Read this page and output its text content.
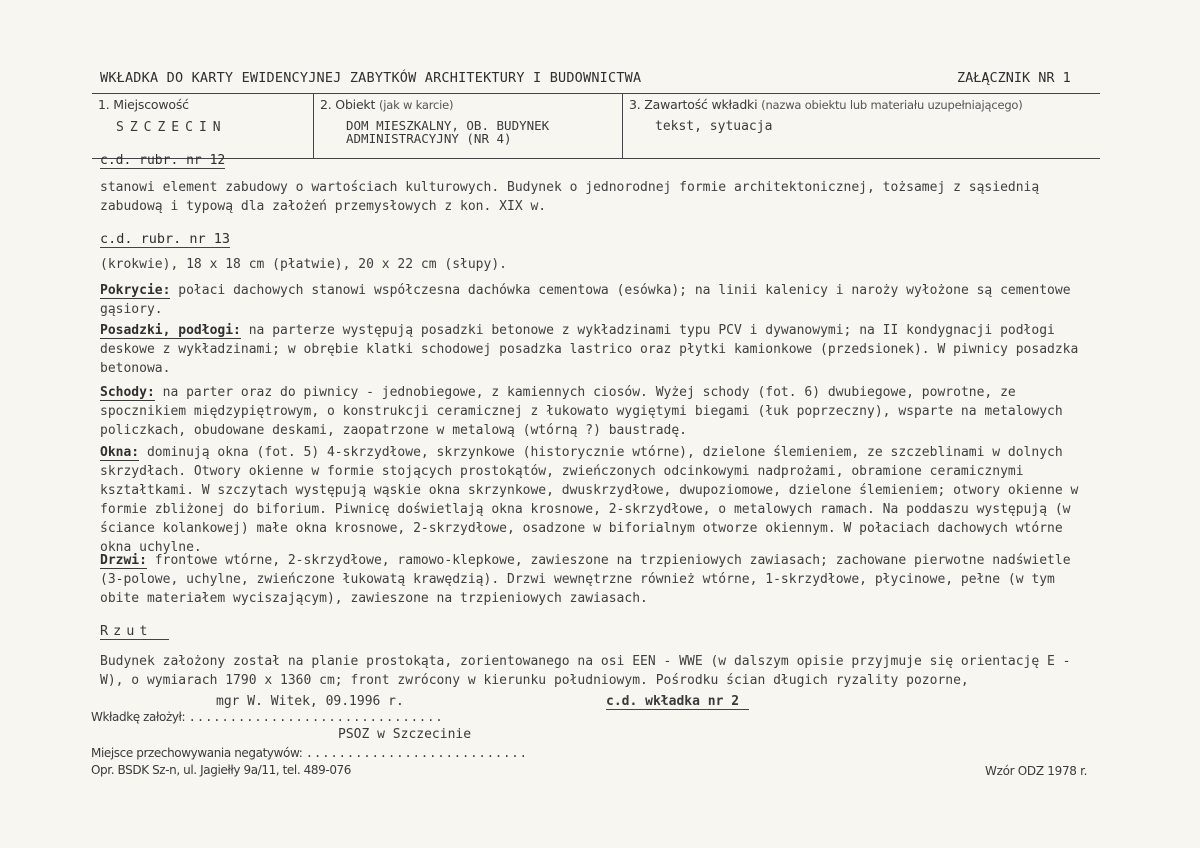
WKŁADKA DO KARTY EWIDENCYJNEJ ZABYTKÓW ARCHITEKTURY I BUDOWNICTWA	ZAŁĄCZNIK NR 1
1. Miejscowość
SZCZECIN
2. Obiekt (jak w karcie)
DOM MIESZKALNY, OB. BUDYNEK ADMINISTRACYJNY (NR 4)
3. Zawartość wkładki (nazwa obiektu lub materiału uzupełniającego)
tekst, sytuacja
c.d. rubr. nr 12
stanowi element zabudowy o wartościach kulturowych. Budynek o jednorodnej formie architektonicznej, tożsamej z sąsiednią zabudową i typową dla założeń przemysłowych z kon. XIX w.
c.d. rubr. nr 13
(krokwie), 18 x 18 cm (płatwie), 20 x 22 cm (słupy).
Pokrycie: połaci dachowych stanowi współczesna dachówka cementowa (esówka); na linii kalenicy i naroży wyłożone są cementowe gąsiory.
Posadzki, podłogi: na parterze występują posadzki betonowe z wykładzinami typu PCV i dywanowymi; na II kondygnacji podłogi deskowe z wykładzinami; w obrębie klatki schodowej posadzka lastrico oraz płytki kamionkowe (przedsionek). W piwnicy posadzka betonowa.
Schody: na parter oraz do piwnicy - jednobiegowe, z kamiennych ciosów. Wyżej schody (fot. 6) dwubiegowe, powrotne, ze spocznikiem międzypiętrowym, o konstrukcji ceramicznej z łukowato wygiętymi biegami (łuk poprzeczny), wsparte na metalowych policzkach, obudowane deskami, zaopatrzone w metalową (wtórną ?) baustradę.
Okna: dominują okna (fot. 5) 4-skrzydłowe, skrzynkowe (historycznie wtórne), dzielone ślemieniem, ze szczeblinami w dolnych skrzydłach. Otwory okienne w formie stojących prostokątów, zwieńczonych odcinkowymi nadprożami, obramione ceramicznymi kształtkami. W szczytach występują wąskie okna skrzynkowe, dwuskrzydłowe, dwupoziomowe, dzielone ślemieniem; otwory okienne w formie zbliżonej do biforium. Piwnicę doświetlają okna krosnowe, 2-skrzydłowe, o metalowych ramach. Na poddaszu występują (w ściance kolankowej) małe okna krosnowe, 2-skrzydłowe, osadzone w biforialnym otworze okiennym. W połaciach dachowych wtórne okna uchylne.
Drzwi: frontowe wtórne, 2-skrzydłowe, ramowo-klepkowe, zawieszone na trzpieniowych zawiasach; zachowane pierwotne nadświetle (3-polowe, uchylne, zwieńczone łukowatą krawędzią). Drzwi wewnętrzne również wtórne, 1-skrzydłowe, płycinowe, pełne (w tym obite materiałem wyciszającym), zawieszone na trzpieniowych zawiasach.
Rzut
Budynek założony został na planie prostokąta, zorientowanego na osi EEN - WWE (w dalszym opisie przyjmuje się orientację E - W), o wymiarach 1790 x 1360 cm; front zwrócony w kierunku południowym. Pośrodku ścian długich ryzality pozorne,
mgr W. Witek, 09.1996 r.	c.d. wkładka nr 2
Wkładkę założył: ...............................
PSOZ w Szczecinie
Miejsce przechowywania negatywów: ...........................
Opr. BSDK Sz-n, ul. Jagiełły 9a/11, tel. 489-076	Wzór ODZ 1978 r.
